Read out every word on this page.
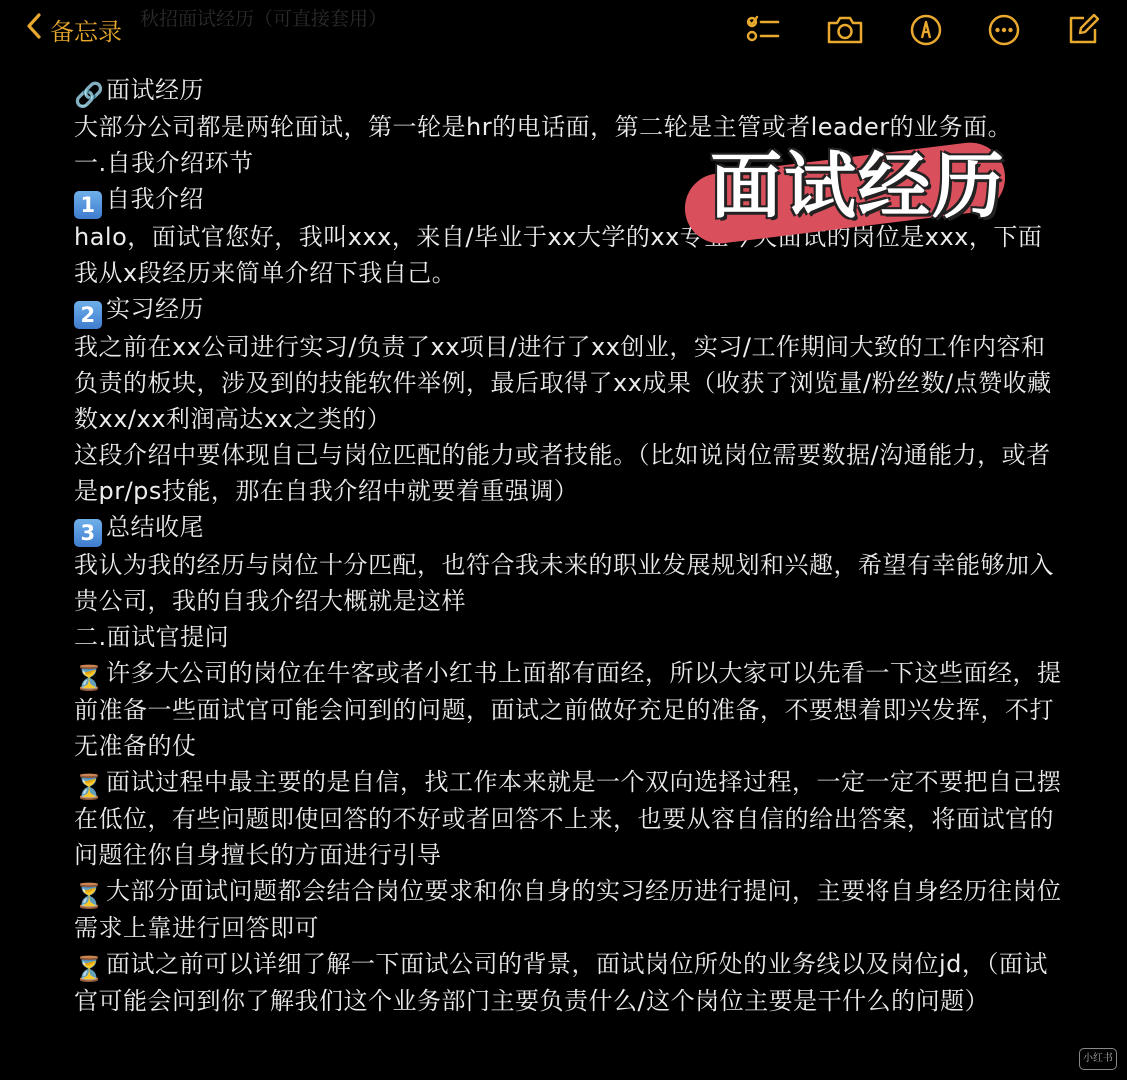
备忘录 秋招面试经历（可直接套用）

🔗面试经历

大部分公司都是两轮面试，第一轮是hr的电话面，第二轮是主管或者leader的业务面。

一.自我介绍环节

1 自我介绍

halo，面试官您好，我叫xxx，来自/毕业于xx大学的xx专业今天面试的岗位是xxx，下面我从x段经历来简单介绍下我自己。

2 实习经历

我之前在xx公司进行实习/负责了xx项目/进行了xx创业，实习/工作期间大致的工作内容和负责的板块，涉及到的技能软件举例，最后取得了xx成果（收获了浏览量/粉丝数/点赞收藏数xx/xx利润高达xx之类的）

这段介绍中要体现自己与岗位匹配的能力或者技能。（比如说岗位需要数据/沟通能力，或者是pr/ps技能，那在自我介绍中就要着重强调）

3 总结收尾

我认为我的经历与岗位十分匹配，也符合我未来的职业发展规划和兴趣，希望有幸能够加入贵公司，我的自我介绍大概就是这样

二.面试官提问

⏳许多大公司的岗位在牛客或者小红书上面都有面经，所以大家可以先看一下这些面经，提前准备一些面试官可能会问到的问题，面试之前做好充足的准备，不要想着即兴发挥，不打无准备的仗

⏳面试过程中最主要的是自信，找工作本来就是一个双向选择过程，一定一定不要把自己摆在低位，有些问题即使回答的不好或者回答不上来，也要从容自信的给出答案，将面试官的问题往你自身擅长的方面进行引导

⏳大部分面试问题都会结合岗位要求和你自身的实习经历进行提问，主要将自身经历往岗位需求上靠进行回答即可

⏳面试之前可以详细了解一下面试公司的背景，面试岗位所处的业务线以及岗位jd，（面试官可能会问到你了解我们这个业务部门主要负责什么/这个岗位主要是干什么的问题）

面试经历
小红书
